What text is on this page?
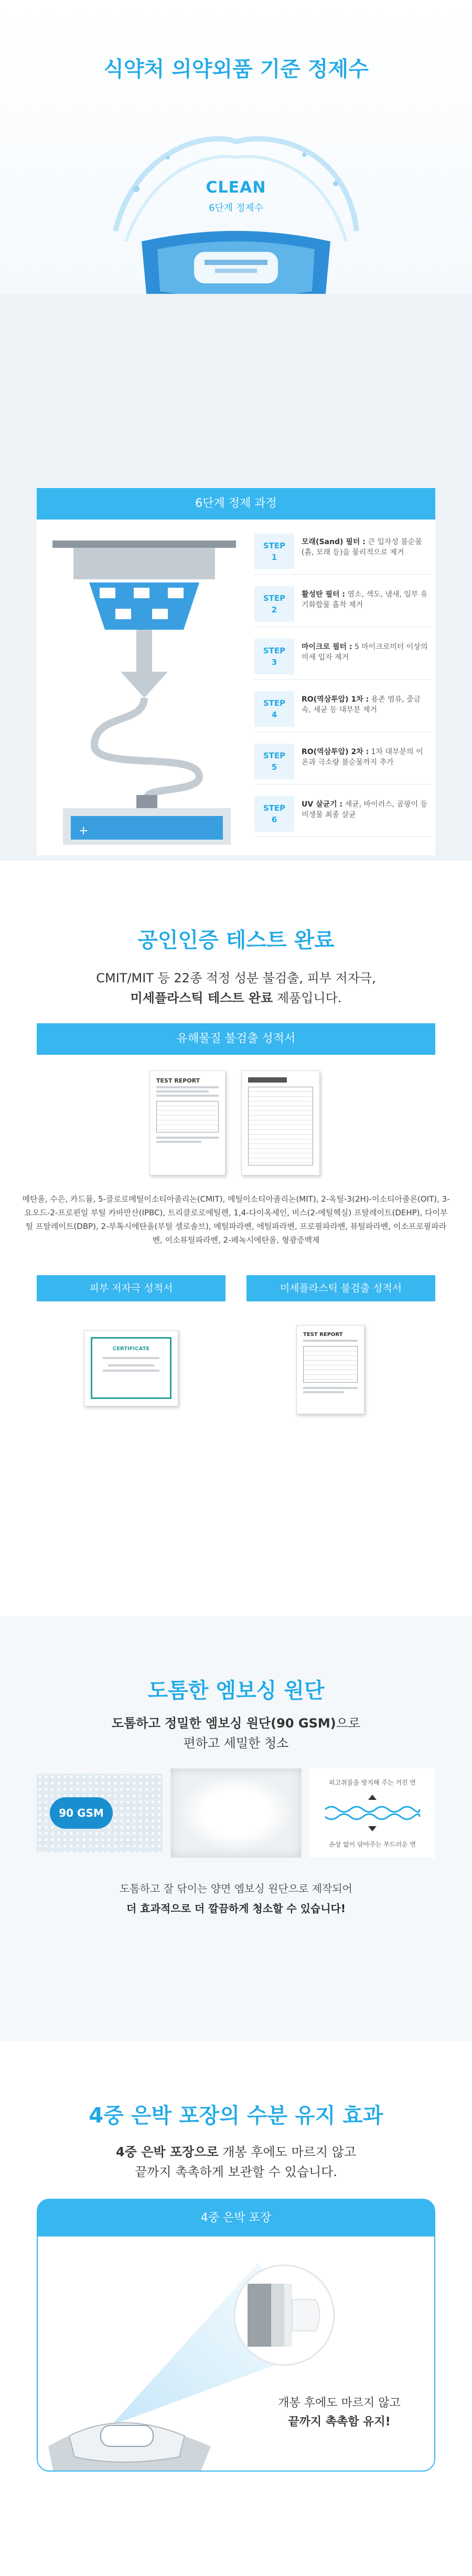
식약처 의약외품 기준 정제수
CLEAN
6단계 정제수
6단계 정제 과정
+
STEP
1
모래(Sand) 필터 : 큰 입자성 불순물(흙, 모래 등)을 물리적으로 제거
STEP
2
활성탄 필터 : 염소, 색도, 냄새, 일부 유기화합물 흡착 제거
STEP
3
마이크로 필터 : 5 마이크로미터 이상의 미세 입자 제거
STEP
4
RO(역삼투압) 1차 : 용존 염류, 중금속, 세균 등 대부분 제거
STEP
5
RO(역삼투압) 2차 : 1차 대부분의 이온과 극소량 불순물까지 추가
STEP
6
UV 살균기 : 세균, 바이러스, 곰팡이 등 미생물 최종 살균
공인인증 테스트 완료
CMIT/MIT 등 22종 적정 성분 불검출, 피부 저자극,
미세플라스틱 테스트 완료 제품입니다.
유해물질 불검출 성적서
TEST REPORT

메탄올, 수은, 카드뮴, 5-클로로메틸이소티아졸리논(CMIT), 메틸이소티아졸리논(MIT), 2-옥틸-3(2H)-이소티아졸론(OIT), 3-요오드-2-프로핀일 부틸 카바만산(IPBC), 트리클로로에틸렌, 1,4-다이옥세인, 비스(2-에틸헥실) 프탈레이트(DEHP), 다이부틸 프탈레이트(DBP), 2-부톡시에탄올(부틸 셀로솔브), 메틸파라벤, 에틸파라벤, 프로필파라벤, 뷰틸파라벤, 이소프로필파라벤, 이소뷰틸파라벤, 2-페녹시에탄올, 형광증백제

피부 저자극 성적서	미세플라스틱 불검출 성적서
CERTIFICATE
TEST REPORT
도톰한 엠보싱 원단
도톰하고 정밀한 엠보싱 원단(90 GSM)으로
편하고 세밀한 청소
90 GSM
피고쥐물을 방지해 주는 거친 면
손상 없이 닦아주는 부드러운 면
도톰하고 잘 닦이는 양면 엠보싱 원단으로 제작되어
더 효과적으로 더 깔끔하게 청소할 수 있습니다!
4중 은박 포장의 수분 유지 효과
4중 은박 포장으로 개봉 후에도 마르지 않고
끝까지 촉촉하게 보관할 수 있습니다.
4중 은박 포장
개봉 후에도 마르지 않고
끝까지 촉촉함 유지!
